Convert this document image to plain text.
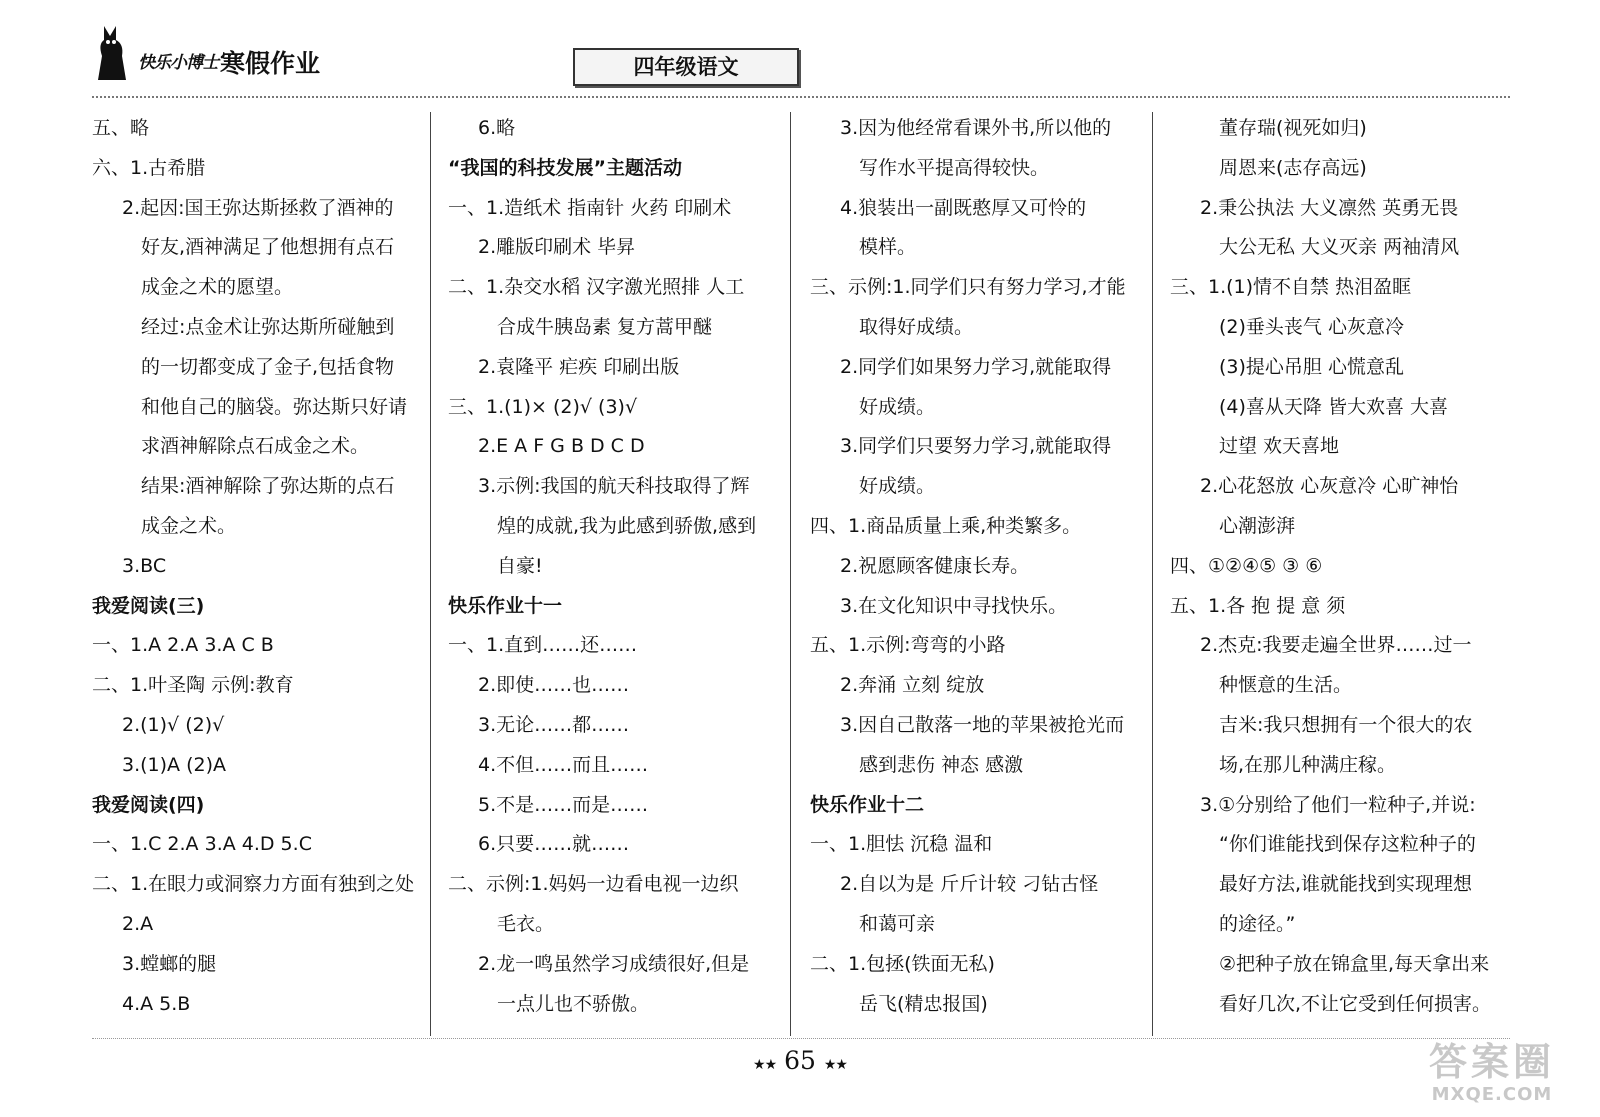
快乐小博士 寒假作业	四年级语文
五、略
六、1.古希腊
2.起因:国王弥达斯拯救了酒神的
好友,酒神满足了他想拥有点石
成金之术的愿望。
经过:点金术让弥达斯所碰触到
的一切都变成了金子,包括食物
和他自己的脑袋。弥达斯只好请
求酒神解除点石成金之术。
结果:酒神解除了弥达斯的点石
成金之术。
3.BC
我爱阅读(三)
一、1.A 2.A 3.A C B
二、1.叶圣陶 示例:教育
2.(1)√ (2)√
3.(1)A (2)A
我爱阅读(四)
一、1.C 2.A 3.A 4.D 5.C
二、1.在眼力或洞察力方面有独到之处
2.A
3.螳螂的腿
4.A 5.B
6.略
“我国的科技发展”主题活动
一、1.造纸术 指南针 火药 印刷术
2.雕版印刷术 毕昇
二、1.杂交水稻 汉字激光照排 人工
合成牛胰岛素 复方蒿甲醚
2.袁隆平 疟疾 印刷出版
三、1.(1)× (2)√ (3)√
2.E A F G B D C D
3.示例:我国的航天科技取得了辉
煌的成就,我为此感到骄傲,感到
自豪!
快乐作业十一
一、1.直到……还……
2.即使……也……
3.无论……都……
4.不但……而且……
5.不是……而是……
6.只要……就……
二、示例:1.妈妈一边看电视一边织
毛衣。
2.龙一鸣虽然学习成绩很好,但是
一点儿也不骄傲。
3.因为他经常看课外书,所以他的
写作水平提高得较快。
4.狼装出一副既憨厚又可怜的
模样。
三、示例:1.同学们只有努力学习,才能
取得好成绩。
2.同学们如果努力学习,就能取得
好成绩。
3.同学们只要努力学习,就能取得
好成绩。
四、1.商品质量上乘,种类繁多。
2.祝愿顾客健康长寿。
3.在文化知识中寻找快乐。
五、1.示例:弯弯的小路
2.奔涌 立刻 绽放
3.因自己散落一地的苹果被抢光而
感到悲伤 神态 感激
快乐作业十二
一、1.胆怯 沉稳 温和
2.自以为是 斤斤计较 刁钻古怪
和蔼可亲
二、1.包拯(铁面无私)
岳飞(精忠报国)
董存瑞(视死如归)
周恩来(志存高远)
2.秉公执法 大义凛然 英勇无畏
大公无私 大义灭亲 两袖清风
三、1.(1)情不自禁 热泪盈眶
(2)垂头丧气 心灰意冷
(3)提心吊胆 心慌意乱
(4)喜从天降 皆大欢喜 大喜
过望 欢天喜地
2.心花怒放 心灰意冷 心旷神怡
心潮澎湃
四、①②④⑤ ③ ⑥
五、1.各 抱 提 意 须
2.杰克:我要走遍全世界……过一
种惬意的生活。
吉米:我只想拥有一个很大的农
场,在那儿种满庄稼。
3.①分别给了他们一粒种子,并说:
“你们谁能找到保存这粒种子的
最好方法,谁就能找到实现理想
的途径。”
②把种子放在锦盒里,每天拿出来
看好几次,不让它受到任何损害。
★★ 65 ★★	答案圈
MXQE.COM
